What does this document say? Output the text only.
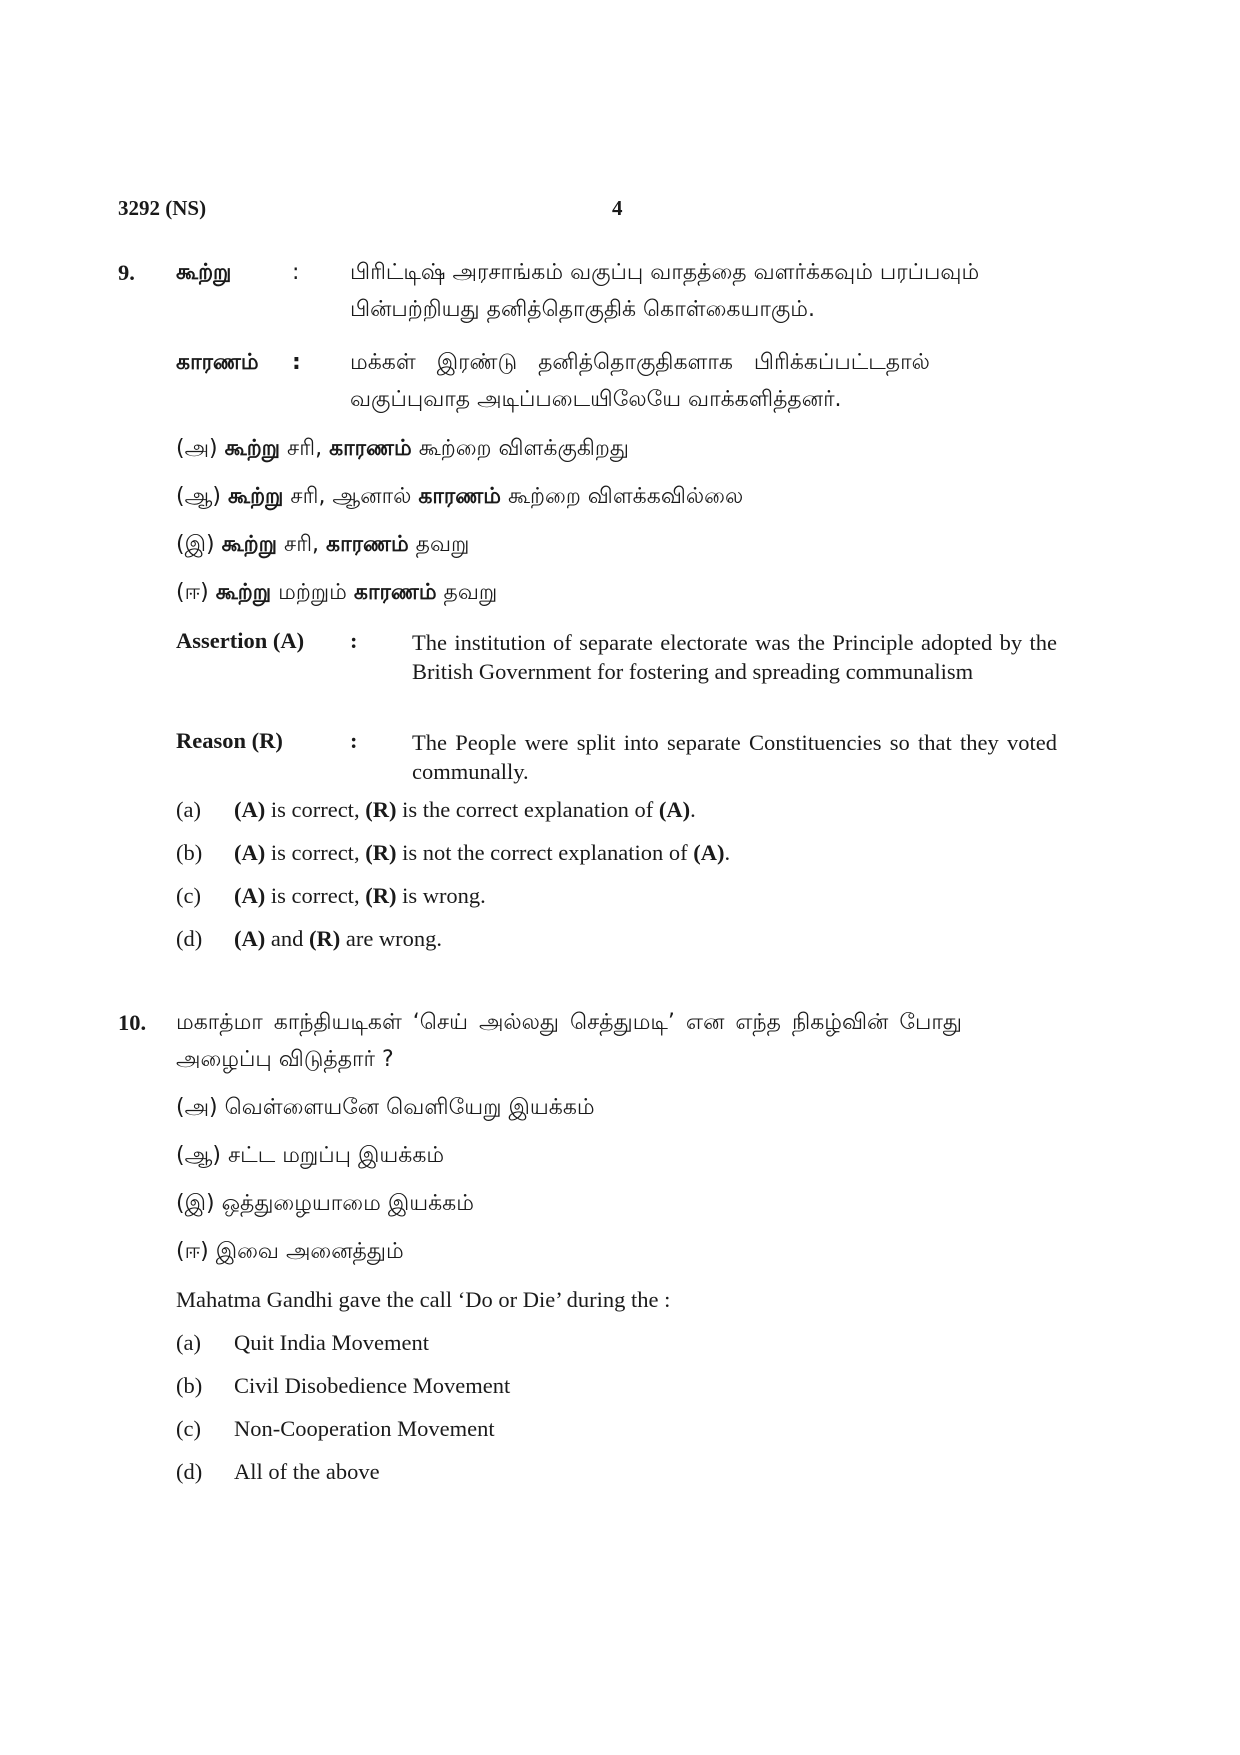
3292 (NS)	4
9. கூற்று	: பிரிட்டிஷ் அரசாங்கம் வகுப்பு வாதத்தை வளர்க்கவும் பரப்பவும்
பின்பற்றியது தனித்தொகுதிக் கொள்கையாகும்.
காரணம் : மக்கள் இரண்டு தனித்தொகுதிகளாக பிரிக்கப்பட்டதால்
வகுப்புவாத அடிப்படையிலேயே வாக்களித்தனர்.
(அ) கூற்று சரி, காரணம் கூற்றை விளக்குகிறது
(ஆ) கூற்று சரி, ஆனால் காரணம் கூற்றை விளக்கவில்லை
(இ) கூற்று சரி, காரணம் தவறு
(ஈ) கூற்று மற்றும் காரணம் தவறு
Assertion (A) : The institution of separate electorate was the Principle adopted by the British Government for fostering and spreading communalism
Reason (R)	: The People were split into separate Constituencies so that they voted communally.
(a) (A) is correct, (R) is the correct explanation of (A).
(b) (A) is correct, (R) is not the correct explanation of (A).
(c) (A) is correct, (R) is wrong.
(d) (A) and (R) are wrong.
10. மகாத்மா காந்தியடிகள் ‘செய் அல்லது செத்துமடி’ என எந்த நிகழ்வின் போது
அழைப்பு விடுத்தார் ?
(அ) வெள்ளையனே வெளியேறு இயக்கம்
(ஆ) சட்ட மறுப்பு இயக்கம்
(இ) ஒத்துழையாமை இயக்கம்
(ஈ) இவை அனைத்தும்
Mahatma Gandhi gave the call ‘Do or Die’ during the :
(a) Quit India Movement
(b) Civil Disobedience Movement
(c) Non-Cooperation Movement
(d) All of the above
